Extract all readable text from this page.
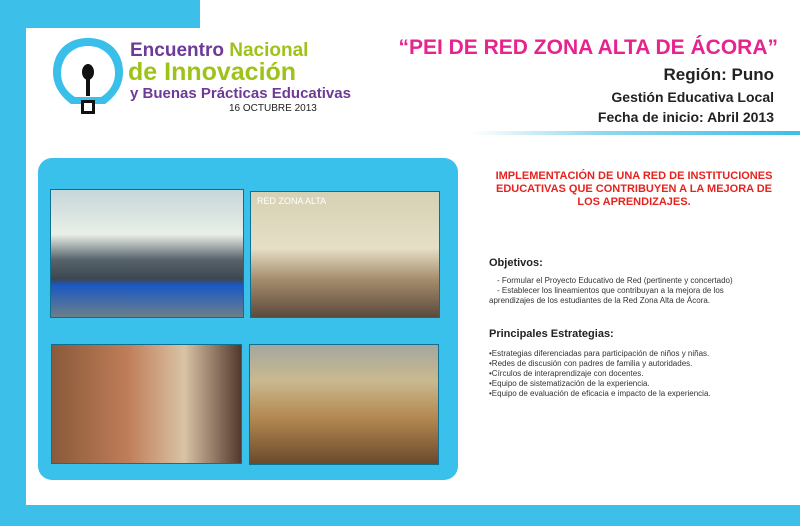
Encuentro Nacional
de Innovación
y Buenas Prácticas Educativas
16 OCTUBRE 2013
“PEI DE RED ZONA ALTA DE ÁCORA”
Región: Puno
Gestión Educativa Local
Fecha de inicio: Abril 2013
RED ZONA ALTA
IMPLEMENTACIÓN DE UNA RED DE INSTITUCIONES EDUCATIVAS QUE CONTRIBUYEN A LA MEJORA DE LOS APRENDIZAJES.
Objetivos:
- Formular el Proyecto Educativo de Red (pertinente y concertado)
- Establecer los lineamientos que contribuyan a la mejora de los
aprendizajes de los estudiantes de la Red Zona Alta de Ácora.
Principales Estrategias:
•Estrategias diferenciadas para participación de niños y niñas.
•Redes de discusión con padres de familia y autoridades.
•Círculos de interaprendizaje con docentes.
•Equipo de sistematización de la experiencia.
•Equipo de evaluación de eficacia e impacto de la experiencia.
